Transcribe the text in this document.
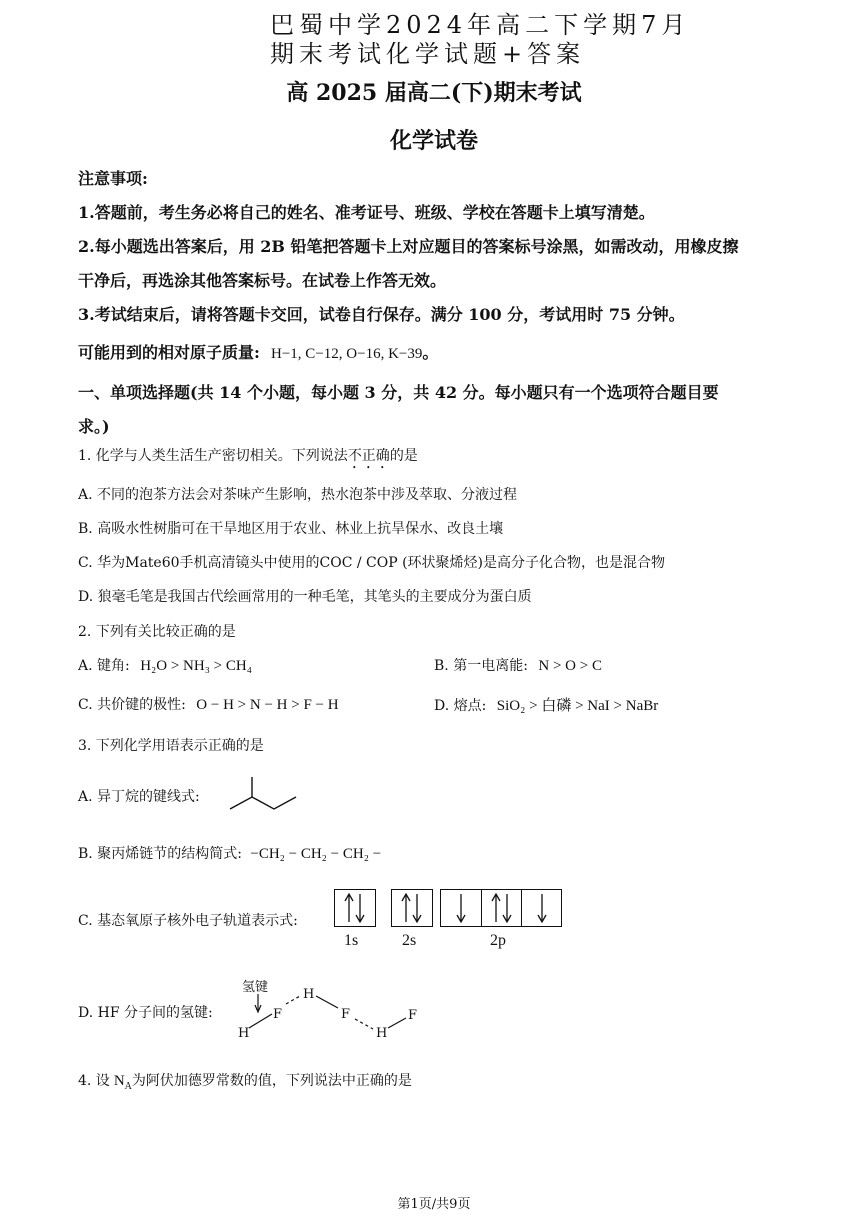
巴蜀中学2024年高二下学期7月
期末考试化学试题+答案
高 2025 届高二(下)期末考试
化学试卷
注意事项:
1.答题前，考生务必将自己的姓名、准考证号、班级、学校在答题卡上填写清楚。
2.每小题选出答案后，用 2B 铅笔把答题卡上对应题目的答案标号涂黑，如需改动，用橡皮擦
干净后，再选涂其他答案标号。在试卷上作答无效。
3.考试结束后，请将答题卡交回，试卷自行保存。满分 100 分，考试用时 75 分钟。
可能用到的相对原子质量: H−1, C−12, O−16, K−39。
一、单项选择题(共 14 个小题，每小题 3 分，共 42 分。每小题只有一个选项符合题目要
求。)
1. 化学与人类生活生产密切相关。下列说法不正确的是
A. 不同的泡茶方法会对茶味产生影响，热水泡茶中涉及萃取、分液过程
B. 高吸水性树脂可在干旱地区用于农业、林业上抗旱保水、改良土壤
C. 华为Mate60手机高清镜头中使用的COC / COP (环状聚烯烃)是高分子化合物，也是混合物
D. 狼毫毛笔是我国古代绘画常用的一种毛笔，其笔头的主要成分为蛋白质
2. 下列有关比较正确的是
A. 键角: H₂O > NH₃ > CH₄	B. 第一电离能: N > O > C
C. 共价键的极性: O − H > N − H > F − H	D. 熔点: SiO₂ > 白磷 > NaI > NaBr
3. 下列化学用语表示正确的是
A. 异丁烷的键线式:
B. 聚丙烯链节的结构简式: −CH₂ − CH₂ − CH₂ −
C. 基态氧原子核外电子轨道表示式:
1s	2s	2p
D. HF 分子间的氢键:
氢键
H
F
H
F
H
F
4. 设 $N_A$为阿伏加德罗常数的值，下列说法中正确的是
第1页/共9页
